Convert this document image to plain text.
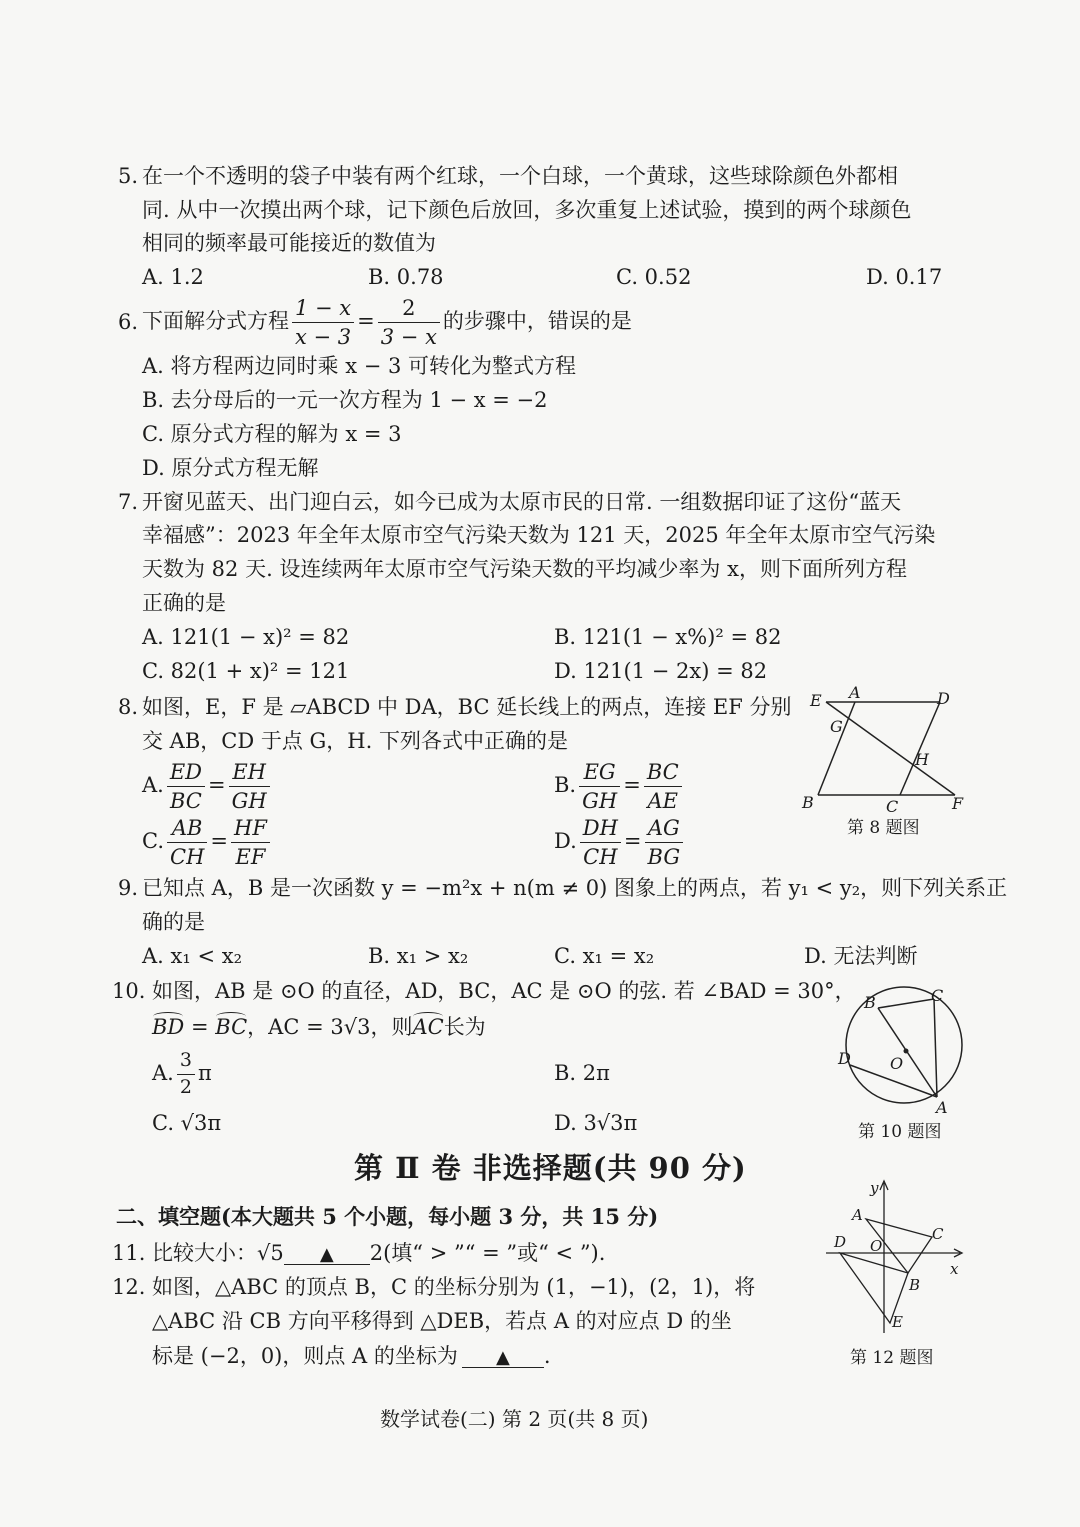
5. 在一个不透明的袋子中装有两个红球，一个白球，一个黄球，这些球除颜色外都相
同. 从中一次摸出两个球，记下颜色后放回，多次重复上述试验，摸到的两个球颜色
相同的频率最可能接近的数值为
A. 1.2	B. 0.78	C. 0.52	D. 0.17
6. 下面解分式方程 $\frac{1 - x}{x - 3} = \frac{2}{3 - x}$ 的步骤中，错误的是
A. 将方程两边同时乘 x − 3 可转化为整式方程
B. 去分母后的一元一次方程为 1 − x = −2
C. 原分式方程的解为 x = 3
D. 原分式方程无解
7. 开窗见蓝天、出门迎白云，如今已成为太原市民的日常. 一组数据印证了这份“蓝天
幸福感”：2023 年全年太原市空气污染天数为 121 天，2025 年全年太原市空气污染
天数为 82 天. 设连续两年太原市空气污染天数的平均减少率为 x，则下面所列方程
正确的是
A. 121(1 − x)² = 82	B. 121(1 − x%)² = 82
C. 82(1 + x)² = 121	D. 121(1 − 2x) = 82
8. 如图，E，F 是 ▱ABCD 中 DA，BC 延长线上的两点，连接 EF 分别
交 AB，CD 于点 G，H. 下列各式中正确的是
A. $\frac{ED}{BC} = \frac{EH}{GH}$	B. $\frac{EG}{GH} = \frac{BC}{AE}$
C. $\frac{AB}{CH} = \frac{HF}{EF}$	D. $\frac{DH}{CH} = \frac{AG}{BG}$
E A	D
G
H
B	C	F
第 8 题图
9. 已知点 A，B 是一次函数 y = −m²x + n(m ≠ 0) 图象上的两点，若 y₁ < y₂，则下列关系正
确的是
A. x₁ < x₂	B. x₁ > x₂	C. x₁ = x₂	D. 无法判断
10. 如图，AB 是 ⊙O 的直径，AD，BC，AC 是 ⊙O 的弦. 若 ∠BAD = 30°，
BD = BC，AC = 3√3，则AC长为
A. $\frac{3}{2}$ π	B. 2π
C. √3π	D. 3√3π
B	C
D O
A
第 10 题图
第 Ⅱ 卷 非选择题(共 90 分)
二、填空题(本大题共 5 个小题，每小题 3 分，共 15 分)
11. 比较大小：√5 ▲ 2(填“ > ”“ = ”或“ < ”).
12. 如图，△ABC 的顶点 B，C 的坐标分别为 (1，−1)，(2，1)，将
△ABC 沿 CB 方向平移得到 △DEB，若点 A 的对应点 D 的坐
标是 (−2，0)，则点 A 的坐标为 ▲ .
y
x
A
C
D O
B
E
第 12 题图
数学试卷(二) 第 2 页(共 8 页)
